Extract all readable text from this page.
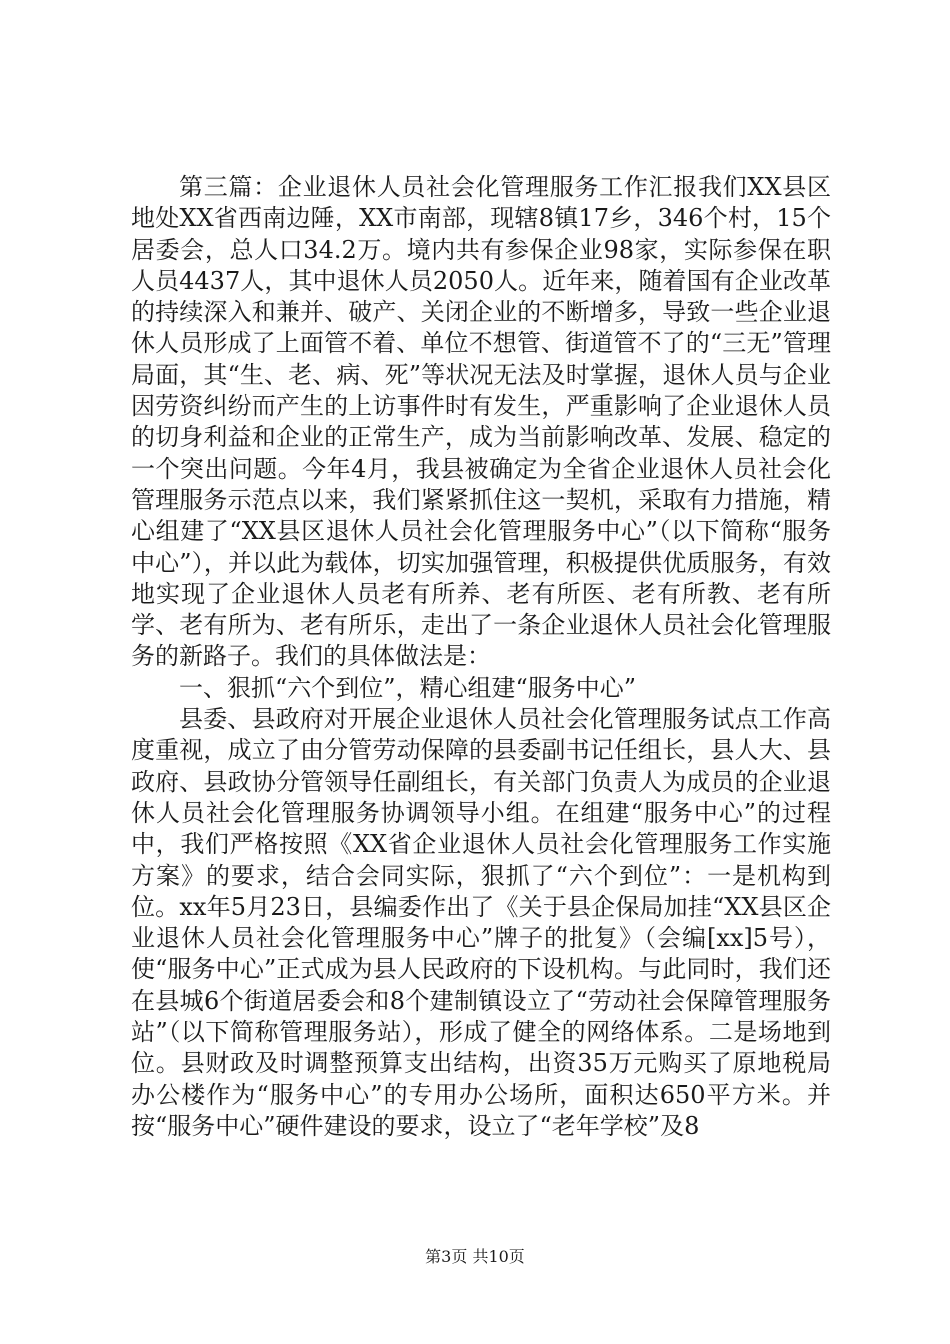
第三篇：企业退休人员社会化管理服务工作汇报我们XX县区地处XX省西南边陲，XX市南部，现辖8镇17乡，346个村，15个居委会，总人口34.2万。境内共有参保企业98家，实际参保在职人员4437人，其中退休人员2050人。近年来，随着国有企业改革的持续深入和兼并、破产、关闭企业的不断增多，导致一些企业退休人员形成了上面管不着、单位不想管、街道管不了的“三无”管理局面，其“生、老、病、死”等状况无法及时掌握，退休人员与企业因劳资纠纷而产生的上访事件时有发生，严重影响了企业退休人员的切身利益和企业的正常生产，成为当前影响改革、发展、稳定的一个突出问题。今年4月，我县被确定为全省企业退休人员社会化管理服务示范点以来，我们紧紧抓住这一契机，采取有力措施，精心组建了“XX县区退休人员社会化管理服务中心”（以下简称“服务中心”），并以此为载体，切实加强管理，积极提供优质服务，有效地实现了企业退休人员老有所养、老有所医、老有所教、老有所学、老有所为、老有所乐，走出了一条企业退休人员社会化管理服务的新路子。我们的具体做法是：

一、狠抓“六个到位”，精心组建“服务中心”

县委、县政府对开展企业退休人员社会化管理服务试点工作高度重视，成立了由分管劳动保障的县委副书记任组长，县人大、县政府、县政协分管领导任副组长，有关部门负责人为成员的企业退休人员社会化管理服务协调领导小组。在组建“服务中心”的过程中，我们严格按照《XX省企业退休人员社会化管理服务工作实施方案》的要求，结合会同实际，狠抓了“六个到位”：一是机构到位。xx年5月23日，县编委作出了《关于县企保局加挂“XX县区企业退休人员社会化管理服务中心”牌子的批复》（会编[xx]5号），使“服务中心”正式成为县人民政府的下设机构。与此同时，我们还在县城6个街道居委会和8个建制镇设立了“劳动社会保障管理服务站”（以下简称管理服务站），形成了健全的网络体系。二是场地到位。县财政及时调整预算支出结构，出资35万元购买了原地税局办公楼作为“服务中心”的专用办公场所，面积达650平方米。并按“服务中心”硬件建设的要求，设立了“老年学校”及8

第3页 共10页
